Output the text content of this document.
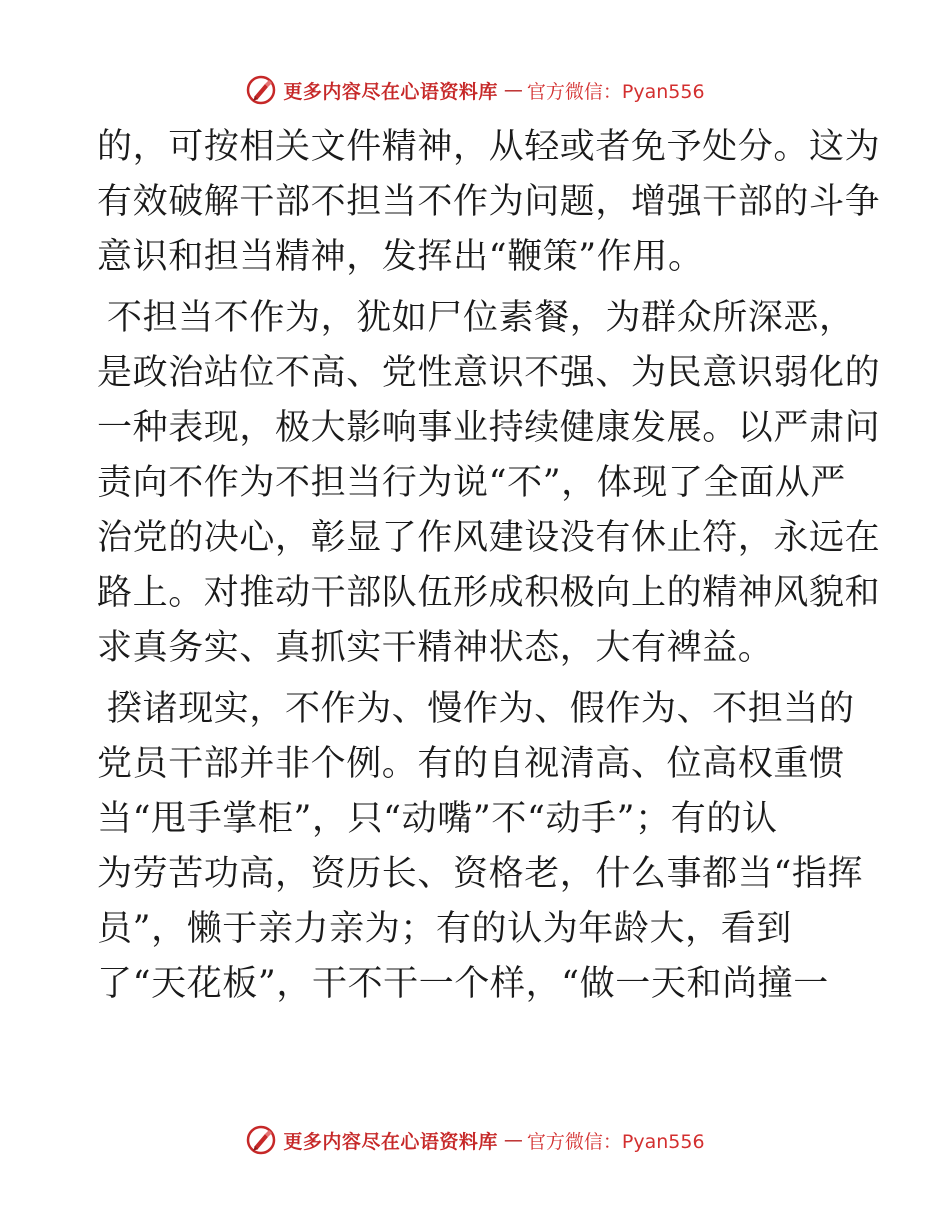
更多内容尽在心语资料库 — 官方微信：Pyan556
的，可按相关文件精神，从轻或者免予处分。这为
有效破解干部不担当不作为问题，增强干部的斗争
意识和担当精神，发挥出“鞭策”作用。
不担当不作为，犹如尸位素餐，为群众所深恶，
是政治站位不高、党性意识不强、为民意识弱化的
一种表现，极大影响事业持续健康发展。以严肃问
责向不作为不担当行为说“不”，体现了全面从严
治党的决心，彰显了作风建设没有休止符，永远在
路上。对推动干部队伍形成积极向上的精神风貌和
求真务实、真抓实干精神状态，大有裨益。
揆诸现实，不作为、慢作为、假作为、不担当的
党员干部并非个例。有的自视清高、位高权重惯
当“甩手掌柜”，只“动嘴”不“动手”；有的认
为劳苦功高，资历长、资格老，什么事都当“指挥
员”，懒于亲力亲为；有的认为年龄大，看到
了“天花板”，干不干一个样，“做一天和尚撞一
更多内容尽在心语资料库 — 官方微信：Pyan556
